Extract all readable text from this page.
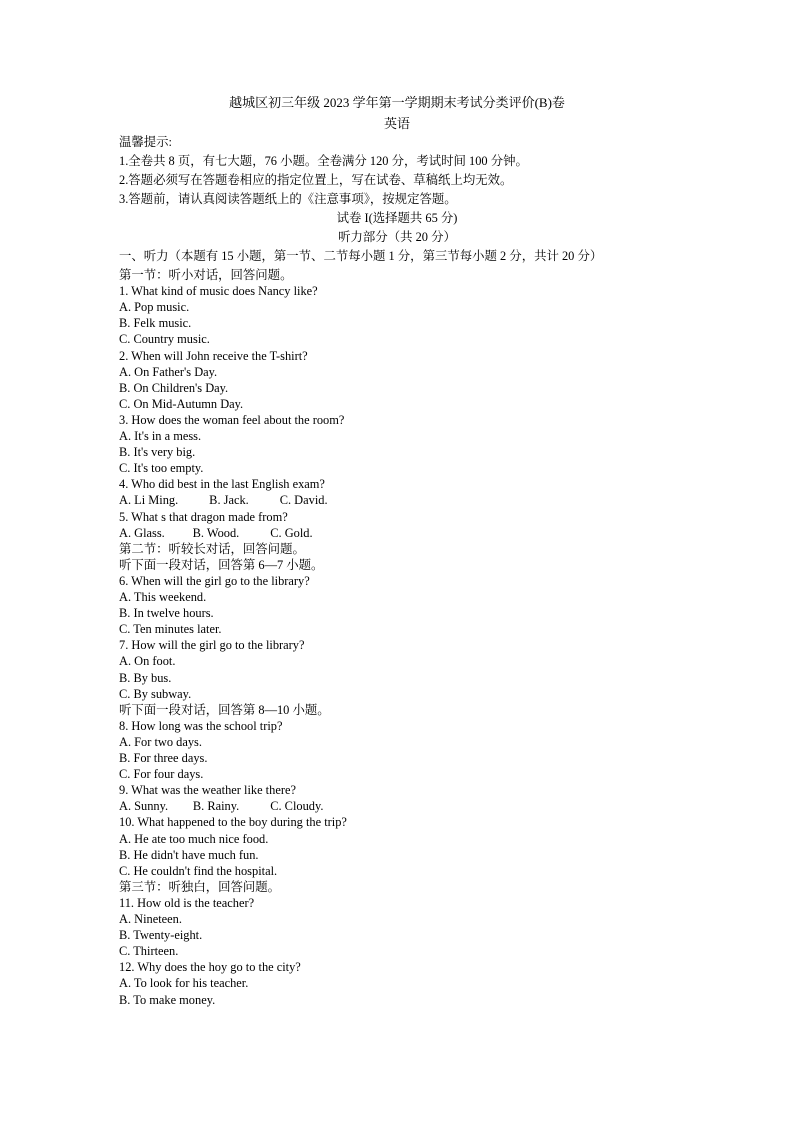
越城区初三年级 2023 学年第一学期期末考试分类评价(B)卷
英语
温馨提示:
1.全卷共 8 页，有七大题，76 小题。全卷满分 120 分，考试时间 100 分钟。
2.答题必须写在答题卷相应的指定位置上，写在试卷、草稿纸上均无效。
3.答题前，请认真阅读答题纸上的《注意事项》，按规定答题。
试卷 I(选择题共 65 分)
听力部分（共 20 分）
一、听力（本题有 15 小题，第一节、二节每小题 1 分，第三节每小题 2 分，共计 20 分）
第一节：听小对话，回答问题。
1. What kind of music does Nancy like?
A. Pop music.
B. Felk music.
C. Country music.
2. When will John receive the T-shirt?
A. On Father's Day.
B. On Children's Day.
C. On Mid-Autumn Day.
3. How does the woman feel about the room?
A. It's in a mess.
B. It's very big.
C. It's too empty.
4. Who did best in the last English exam?
A. Li Ming.          B. Jack.          C. David.
5. What s that dragon made from?
A. Glass.         B. Wood.          C. Gold.
第二节：听较长对话，回答问题。
听下面一段对话，回答第 6—7 小题。
6. When will the girl go to the library?
A. This weekend.
B. In twelve hours.
C. Ten minutes later.
7. How will the girl go to the library?
A. On foot.
B. By bus.
C. By subway.
听下面一段对话，回答第 8—10 小题。
8. How long was the school trip?
A. For two days.
B. For three days.
C. For four days.
9. What was the weather like there?
A. Sunny.        B. Rainy.          C. Cloudy.
10. What happened to the boy during the trip?
A. He ate too much nice food.
B. He didn't have much fun.
C. He couldn't find the hospital.
第三节：听独白，回答问题。
11. How old is the teacher?
A. Nineteen.
B. Twenty-eight.
C. Thirteen.
12. Why does the hoy go to the city?
A. To look for his teacher.
B. To make money.
